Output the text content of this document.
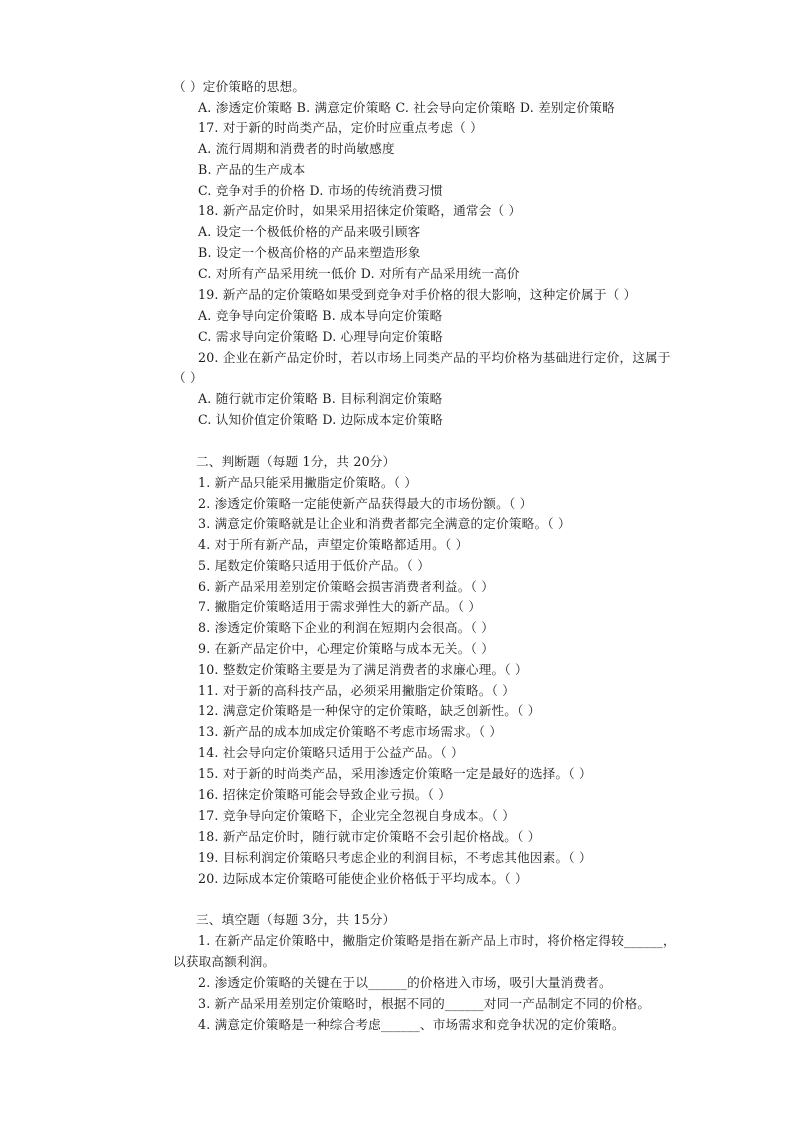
（ ）定价策略的思想。
A. 渗透定价策略 B. 满意定价策略 C. 社会导向定价策略 D. 差别定价策略
17. 对于新的时尚类产品，定价时应重点考虑（ ）
A. 流行周期和消费者的时尚敏感度
B. 产品的生产成本
C. 竞争对手的价格 D. 市场的传统消费习惯
18. 新产品定价时，如果采用招徕定价策略，通常会（ ）
A. 设定一个极低价格的产品来吸引顾客
B. 设定一个极高价格的产品来塑造形象
C. 对所有产品采用统一低价 D. 对所有产品采用统一高价
19. 新产品的定价策略如果受到竞争对手价格的很大影响，这种定价属于（ ）
A. 竞争导向定价策略 B. 成本导向定价策略
C. 需求导向定价策略 D. 心理导向定价策略
20. 企业在新产品定价时，若以市场上同类产品的平均价格为基础进行定价，这属于
（ ）
A. 随行就市定价策略 B. 目标利润定价策略
C. 认知价值定价策略 D. 边际成本定价策略
二、判断题（每题 1分，共 20分）
1. 新产品只能采用撇脂定价策略。（ ）
2. 渗透定价策略一定能使新产品获得最大的市场份额。（ ）
3. 满意定价策略就是让企业和消费者都完全满意的定价策略。（ ）
4. 对于所有新产品，声望定价策略都适用。（ ）
5. 尾数定价策略只适用于低价产品。（ ）
6. 新产品采用差别定价策略会损害消费者利益。（ ）
7. 撇脂定价策略适用于需求弹性大的新产品。（ ）
8. 渗透定价策略下企业的利润在短期内会很高。（ ）
9. 在新产品定价中，心理定价策略与成本无关。（ ）
10. 整数定价策略主要是为了满足消费者的求廉心理。（ ）
11. 对于新的高科技产品，必须采用撇脂定价策略。（ ）
12. 满意定价策略是一种保守的定价策略，缺乏创新性。（ ）
13. 新产品的成本加成定价策略不考虑市场需求。（ ）
14. 社会导向定价策略只适用于公益产品。（ ）
15. 对于新的时尚类产品，采用渗透定价策略一定是最好的选择。（ ）
16. 招徕定价策略可能会导致企业亏损。（ ）
17. 竞争导向定价策略下，企业完全忽视自身成本。（ ）
18. 新产品定价时，随行就市定价策略不会引起价格战。（ ）
19. 目标利润定价策略只考虑企业的利润目标，不考虑其他因素。（ ）
20. 边际成本定价策略可能使企业价格低于平均成本。（ ）
三、填空题（每题 3分，共 15分）
1. 在新产品定价策略中，撇脂定价策略是指在新产品上市时，将价格定得较______，
以获取高额利润。
2. 渗透定价策略的关键在于以______的价格进入市场，吸引大量消费者。
3. 新产品采用差别定价策略时，根据不同的______对同一产品制定不同的价格。
4. 满意定价策略是一种综合考虑______、市场需求和竞争状况的定价策略。
